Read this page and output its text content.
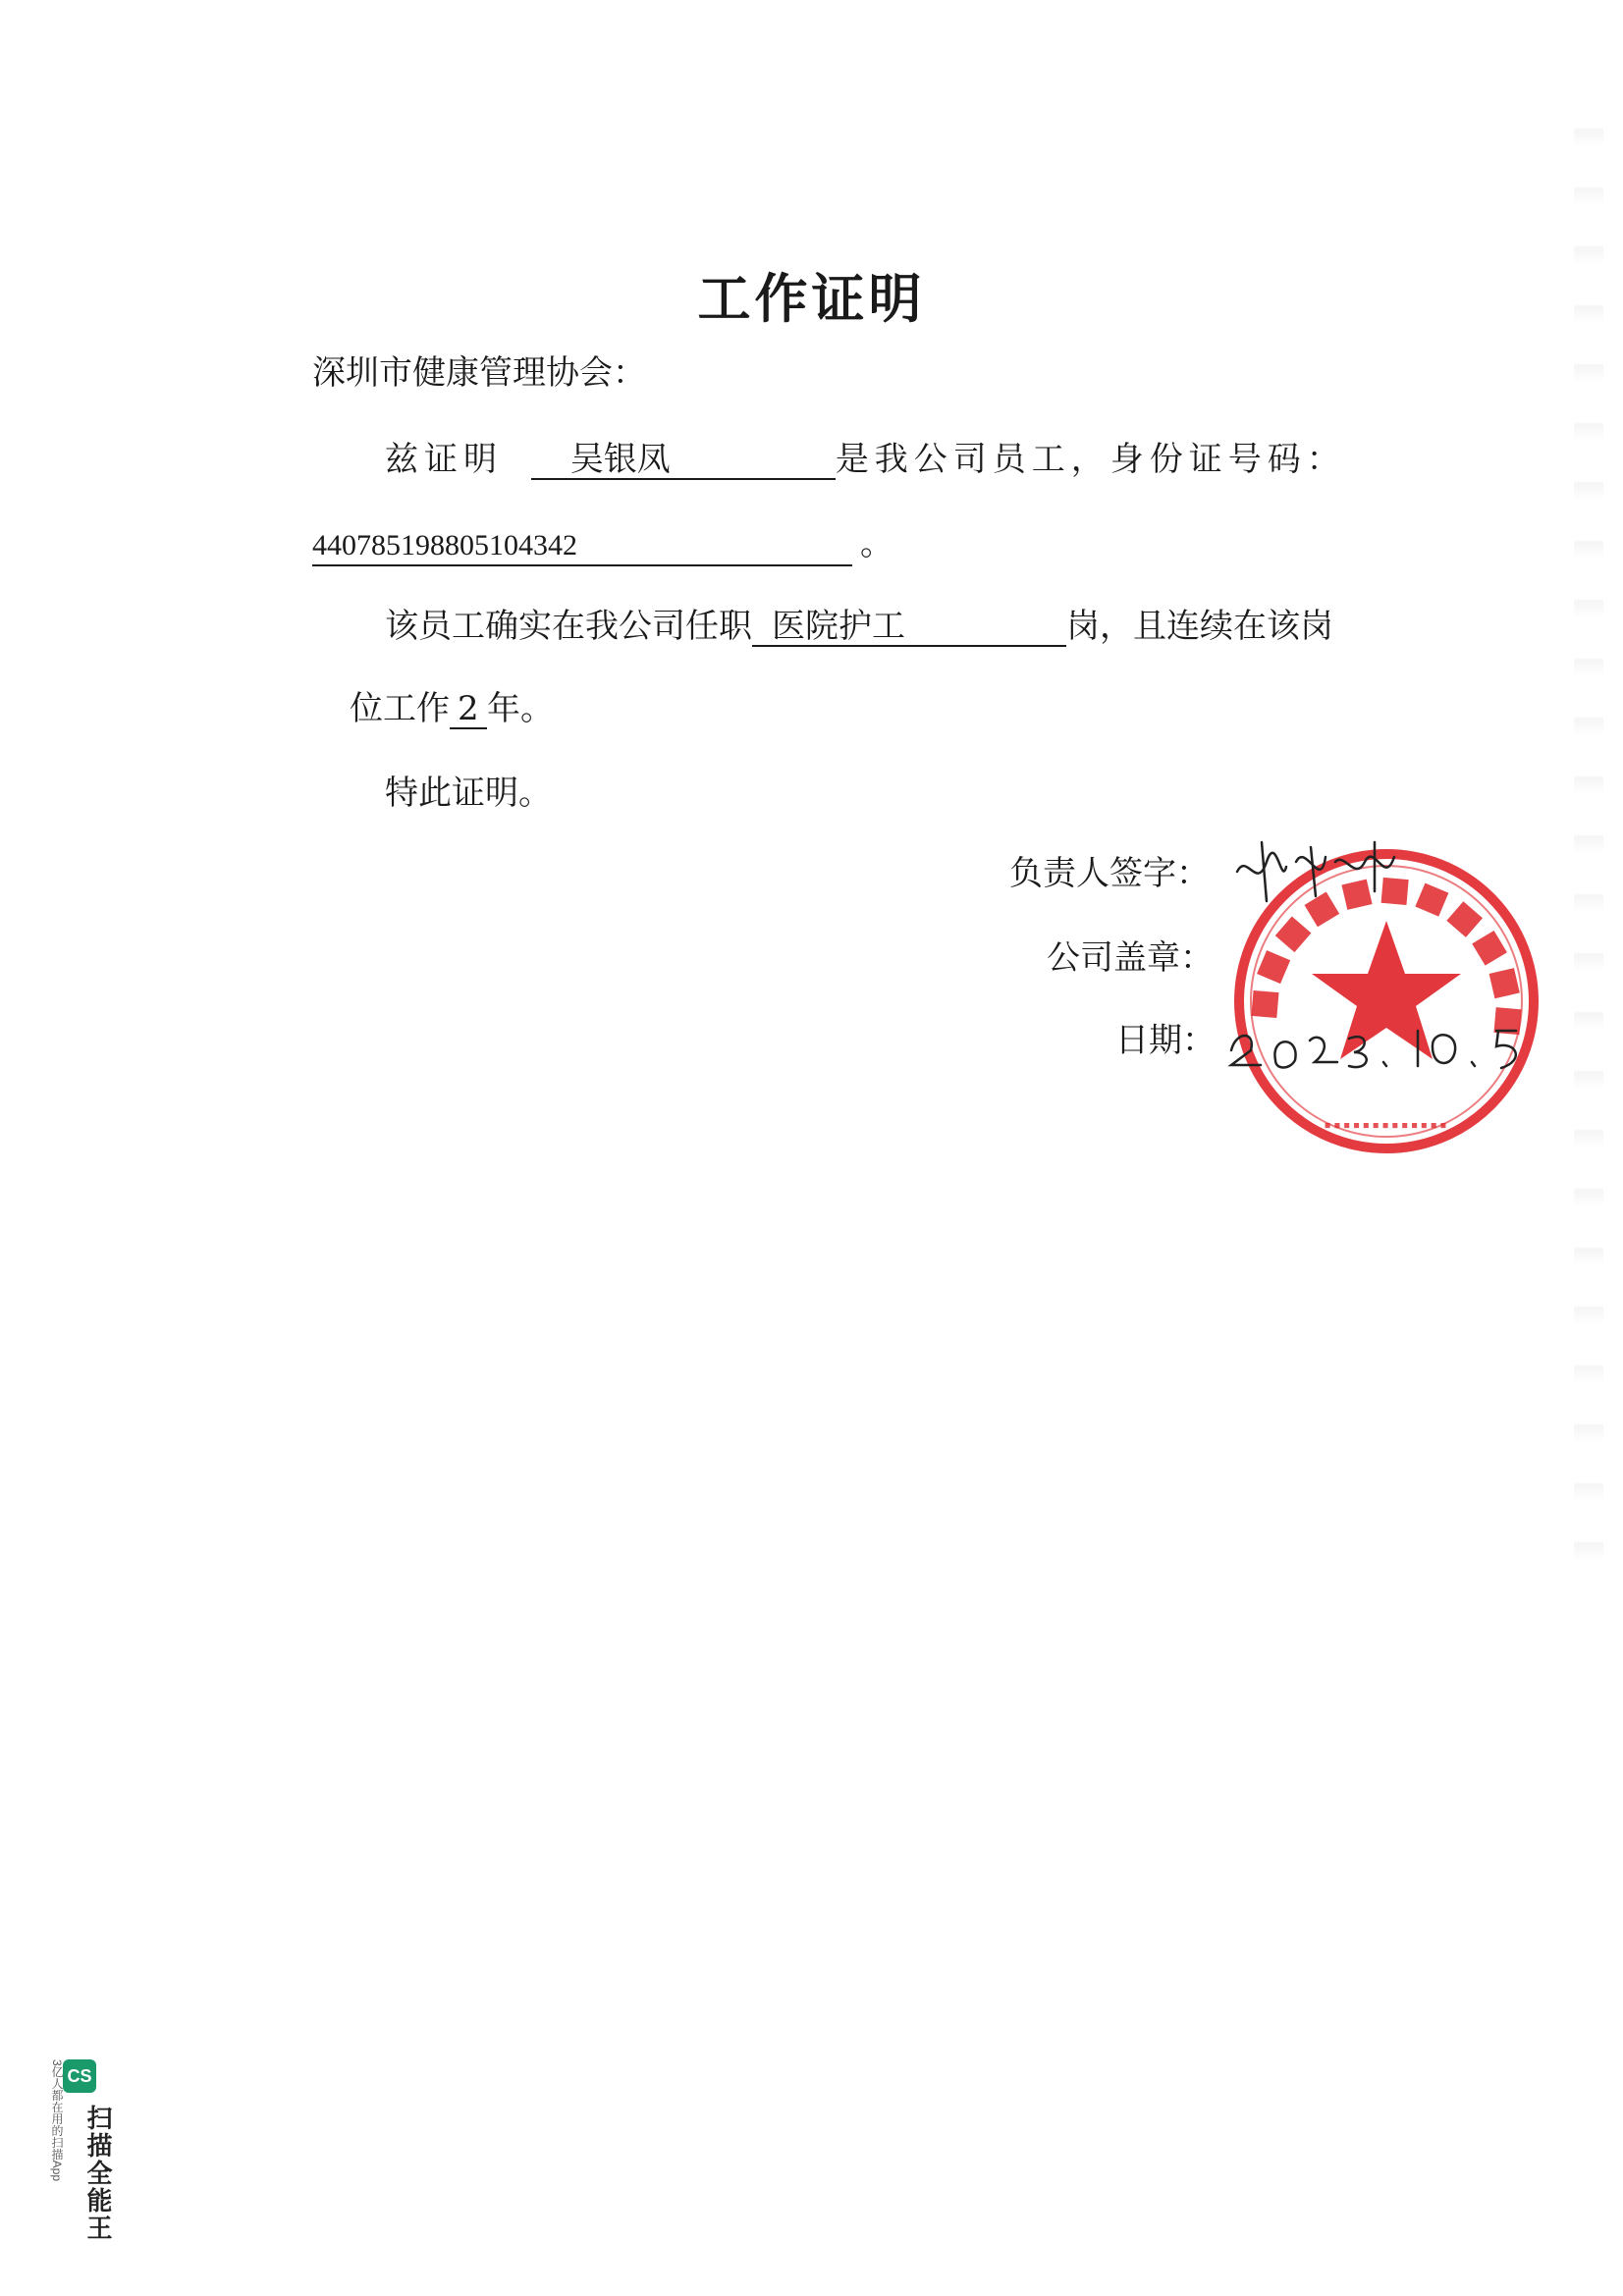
工作证明
深圳市健康管理协会：
兹证明 吴银凤	是我公司员工，身份证号码：
440785198805104342	。
该员工确实在我公司任职 医院护工	岗，且连续在该岗
位工作 2 年。
特此证明。
负责人签字：
公司盖章：
日期：
■■■■■■■■■■■
▪▪▪▪▪▪▪▪▪▪▪▪▪
CS
扫描全能王
3亿人都在用的扫描App
